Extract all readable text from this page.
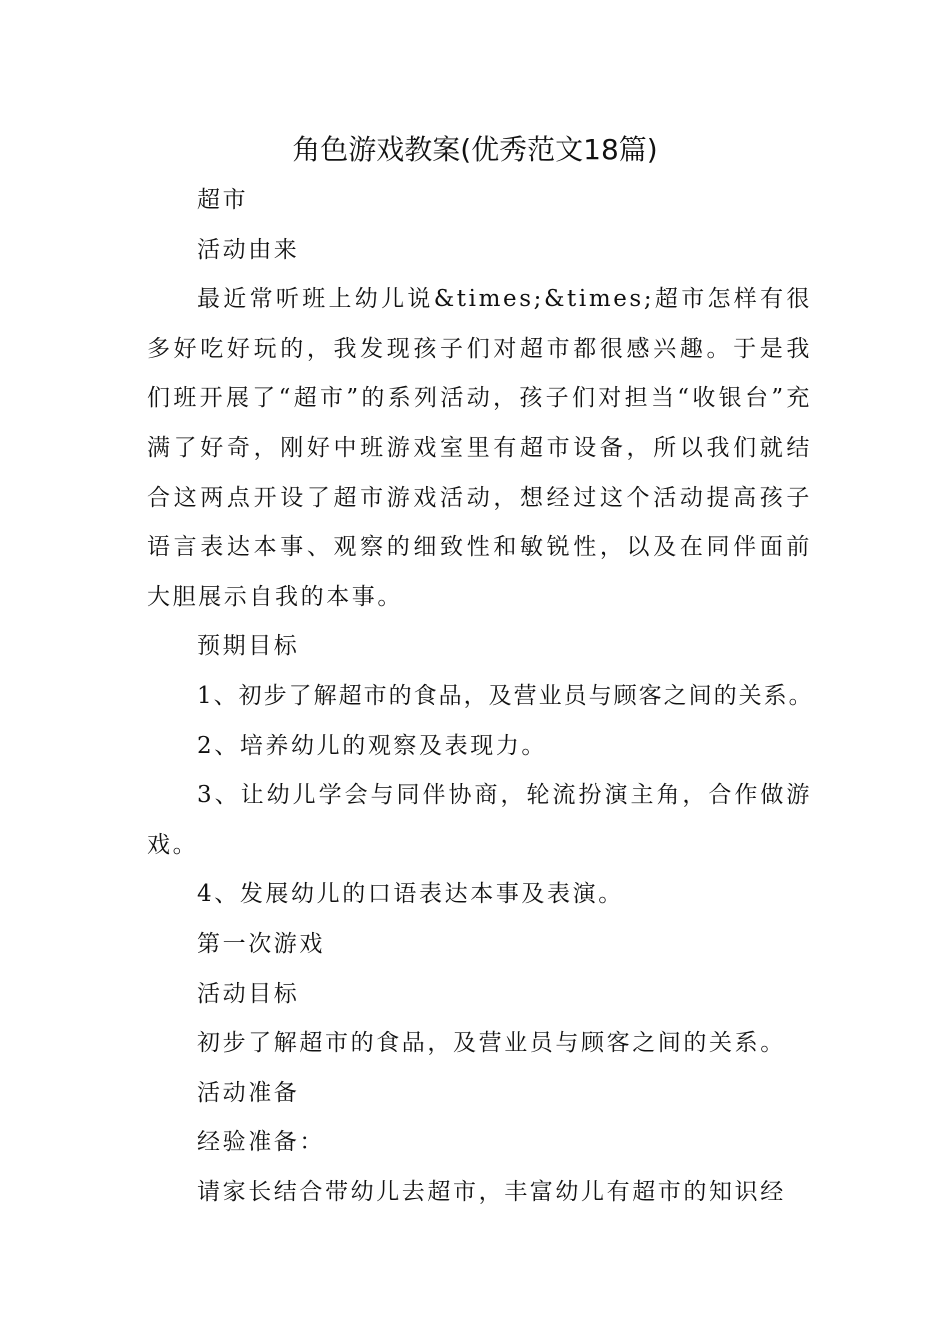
角色游戏教案(优秀范文18篇)

超市

活动由来

最近常听班上幼儿说&times;&times;超市怎样有很多好吃好玩的，我发现孩子们对超市都很感兴趣。于是我们班开展了“超市”的系列活动，孩子们对担当“收银台”充满了好奇，刚好中班游戏室里有超市设备，所以我们就结合这两点开设了超市游戏活动，想经过这个活动提高孩子语言表达本事、观察的细致性和敏锐性，以及在同伴面前大胆展示自我的本事。

预期目标

1、初步了解超市的食品，及营业员与顾客之间的关系。

2、培养幼儿的观察及表现力。

3、让幼儿学会与同伴协商，轮流扮演主角，合作做游戏。

4、发展幼儿的口语表达本事及表演。

第一次游戏

活动目标

初步了解超市的食品，及营业员与顾客之间的关系。

活动准备

经验准备：

请家长结合带幼儿去超市，丰富幼儿有超市的知识经
